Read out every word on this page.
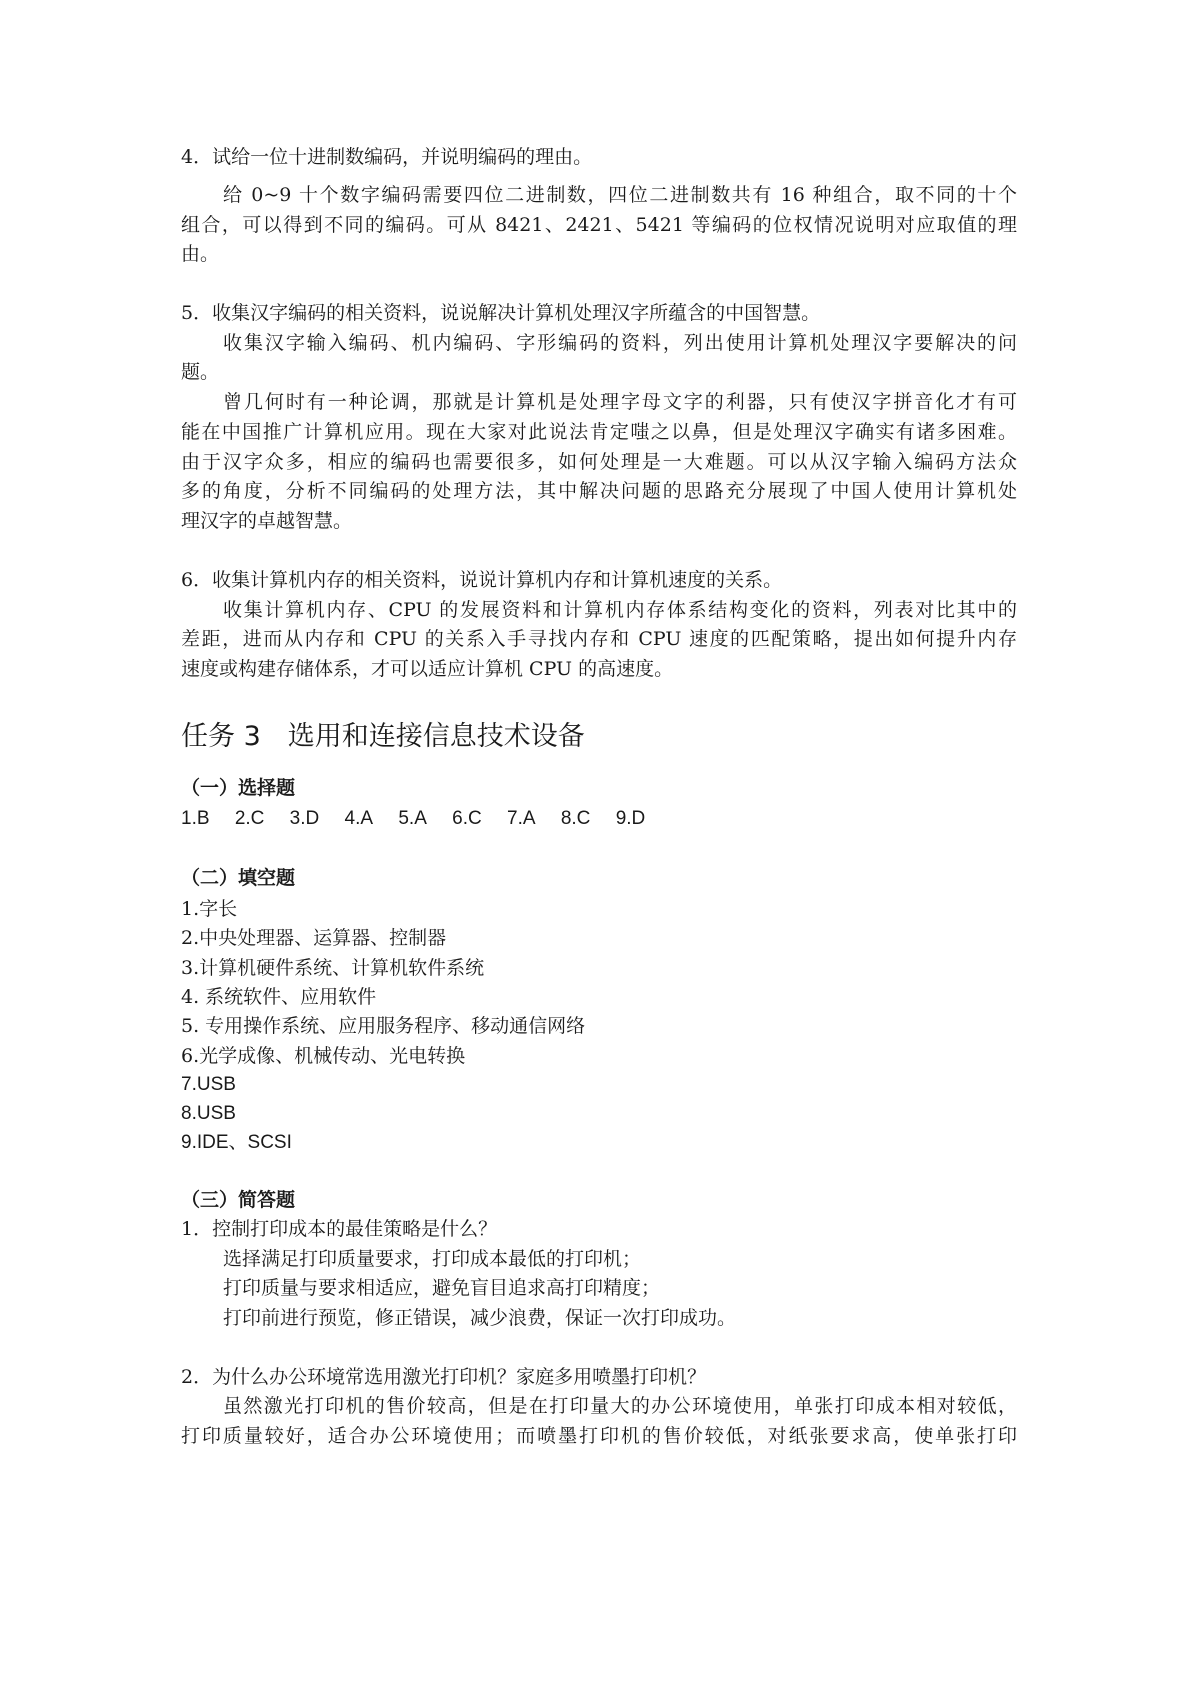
4．试给一位十进制数编码，并说明编码的理由。
给 0~9 十个数字编码需要四位二进制数，四位二进制数共有 16 种组合，取不同的十个
组合，可以得到不同的编码。可从 8421、2421、5421 等编码的位权情况说明对应取值的理
由。
5．收集汉字编码的相关资料，说说解决计算机处理汉字所蕴含的中国智慧。
收集汉字输入编码、机内编码、字形编码的资料，列出使用计算机处理汉字要解决的问
题。
曾几何时有一种论调，那就是计算机是处理字母文字的利器，只有使汉字拼音化才有可
能在中国推广计算机应用。现在大家对此说法肯定嗤之以鼻，但是处理汉字确实有诸多困难。
由于汉字众多，相应的编码也需要很多，如何处理是一大难题。可以从汉字输入编码方法众
多的角度，分析不同编码的处理方法，其中解决问题的思路充分展现了中国人使用计算机处
理汉字的卓越智慧。
6．收集计算机内存的相关资料，说说计算机内存和计算机速度的关系。
收集计算机内存、CPU 的发展资料和计算机内存体系结构变化的资料，列表对比其中的
差距，进而从内存和 CPU 的关系入手寻找内存和 CPU 速度的匹配策略，提出如何提升内存
速度或构建存储体系，才可以适应计算机 CPU 的高速度。
任务 3　选用和连接信息技术设备
（一）选择题
1.B 2.C 3.D 4.A 5.A 6.C 7.A 8.C 9.D
（二）填空题
1.字长
2.中央处理器、运算器、控制器
3.计算机硬件系统、计算机软件系统
4. 系统软件、应用软件
5. 专用操作系统、应用服务程序、移动通信网络
6.光学成像、机械传动、光电转换
7.USB
8.USB
9.IDE、SCSI
（三）简答题
1．控制打印成本的最佳策略是什么？
选择满足打印质量要求，打印成本最低的打印机；
打印质量与要求相适应，避免盲目追求高打印精度；
打印前进行预览，修正错误，减少浪费，保证一次打印成功。
2．为什么办公环境常选用激光打印机？家庭多用喷墨打印机？
虽然激光打印机的售价较高，但是在打印量大的办公环境使用，单张打印成本相对较低，
打印质量较好，适合办公环境使用；而喷墨打印机的售价较低，对纸张要求高，使单张打印
